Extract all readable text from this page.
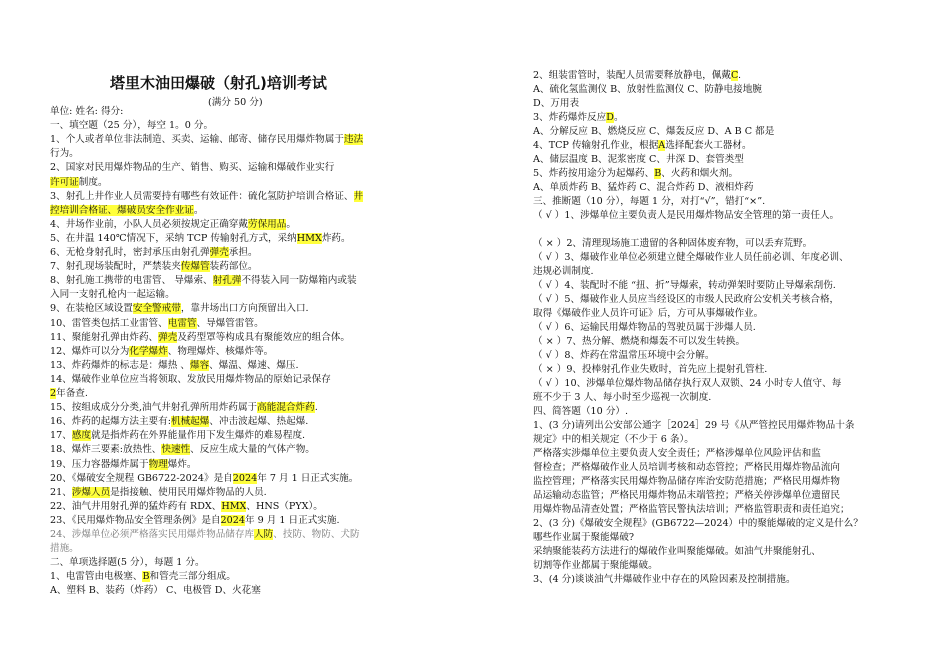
塔里木油田爆破（射孔)培训考试
(满分 50 分)
单位: 姓名: 得分:
一、填空题（25 分），每空 1。0 分。
1、个人或者单位非法制造、买卖、运输、邮寄、储存民用爆炸物属于违法
行为。
2、国家对民用爆炸物品的生产、销售、购买、运输和爆破作业实行
许可证制度。
3、射孔上井作业人员需要持有哪些有效证件：硫化氢防护培训合格证、井
控培训合格证、爆破员安全作业证。
4、井场作业前，小队人员必须按规定正确穿戴劳保用品。
5、在井温 140℃情况下，采纳 TCP 传输射孔方式，采纳HMX炸药。
6、无枪身射孔时，密封承压由射孔弹弹壳承担。
7、射孔现场装配时，严禁装夹传爆管装药部位。
8、射孔施工携带的电雷管、 导爆索、射孔弹不得装入同一防爆箱内或装
入同一支射孔枪内一起运输。
9、在装枪区域设置安全警戒带，靠井场出口方向预留出入口.
10、雷管类包括工业雷管、电雷管、导爆管雷管。
11、聚能射孔弹由炸药、弹壳及药型罩等构成具有聚能效应的组合体。
12、爆炸可以分为化学爆炸、物理爆炸、核爆炸等。
13、炸药爆炸的标志是：爆热 、爆容、爆温、爆速、爆压.
14、爆破作业单位应当将领取、发放民用爆炸物品的原始记录保存
2年备查.
15、按组成成分分类,油气井射孔弹所用炸药属于高能混合炸药.
16、炸药的起爆方法主要有:机械起爆、冲击波起爆、热起爆.
17、感度就是指炸药在外界能量作用下发生爆炸的难易程度.
18、爆炸三要素:放热性、快速性、反应生成大量的气体产物。
19、压力容器爆炸属于物理爆炸。
20、《爆破安全规程 GB6722-2024》是自2024年 7 月 1 日正式实施。
21、涉爆人员是指接触、使用民用爆炸物品的人员.
22、油气井用射孔弹的猛炸药有 RDX、HMX、HNS（PYX）。
23、《民用爆炸物品安全管理条例》是自2024年 9 月 1 日正式实施.
24、涉爆单位必须严格落实民用爆炸物品储存库人防、技防、物防、犬防
措施。
二、单项选择题(5 分），每题 1 分。
1、电雷管由电极塞、B和管壳三部分组成。
A、塑料 B、装药（炸药） C、电极管 D、火花塞
2、组装雷管时，装配人员需要释放静电，佩戴C.
A、硫化氢监测仪 B、放射性监测仪 C、防静电接地腕
D、万用表
3、炸药爆炸反应D。
A、分解反应 B、燃烧反应 C、爆轰反应 D、A B C 都是
4、TCP 传输射孔作业，根据A选择配套火工器材。
A、储层温度 B、泥浆密度 C、井深 D、套管类型
5、炸药按用途分为起爆药、B、火药和烟火剂。
A、单质炸药 B、猛炸药 C、混合炸药 D、液相炸药
三、推断题（10 分），每题 1 分，对打“√”，错打“×”.
（ √ ）1、涉爆单位主要负责人是民用爆炸物品安全管理的第一责任人。
（ × ）2、清理现场施工遗留的各种固体废弃物，可以丢弃荒野。
（ √ ）3、爆破作业单位必须建立健全爆破作业人员任前必训、年度必训、
违规必训制度.
（ √ ）4、装配时不能 “扭、折”导爆索，转动弹架时要防止导爆索刮伤.
（ √ ）5、爆破作业人员应当经设区的市级人民政府公安机关考核合格，
取得《爆破作业人员许可证》后，方可从事爆破作业。
（ √ ）6、运输民用爆炸物品的驾驶员属于涉爆人员.
（ × ）7、热分解、燃烧和爆轰不可以发生转换。
（ √ ）8、炸药在常温常压环境中会分解。
（ × ）9、投棒射孔作业失败时，首先应上提射孔管柱.
（ √ ）10、涉爆单位爆炸物品储存执行双人双锁、24 小时专人值守、每
班不少于 3 人、每小时至少巡视一次制度.
四、简答题（10 分）.
1、(3 分)请列出公安部公通字［2024］29 号《从严管控民用爆炸物品十条
规定》中的相关规定（不少于 6 条）。
严格落实涉爆单位主要负责人安全责任；严格涉爆单位风险评估和监
督检查；严格爆破作业人员培训考核和动态管控；严格民用爆炸物品流向
监控管理；严格落实民用爆炸物品储存库治安防范措施；严格民用爆炸物
品运输动态监管；严格民用爆炸物品末端管控；严格关停涉爆单位遗留民
用爆炸物品清查处置；严格监管民警执法培训；严格监管职责和责任追究；
2、(3 分)《爆破安全规程》(GB6722—2024）中的聚能爆破的定义是什么？
哪些作业属于聚能爆破?
采纳聚能装药方法进行的爆破作业叫聚能爆破。如油气井聚能射孔、
切割等作业都属于聚能爆破。
3、(4 分)谈谈油气井爆破作业中存在的风险因素及控制措施。
